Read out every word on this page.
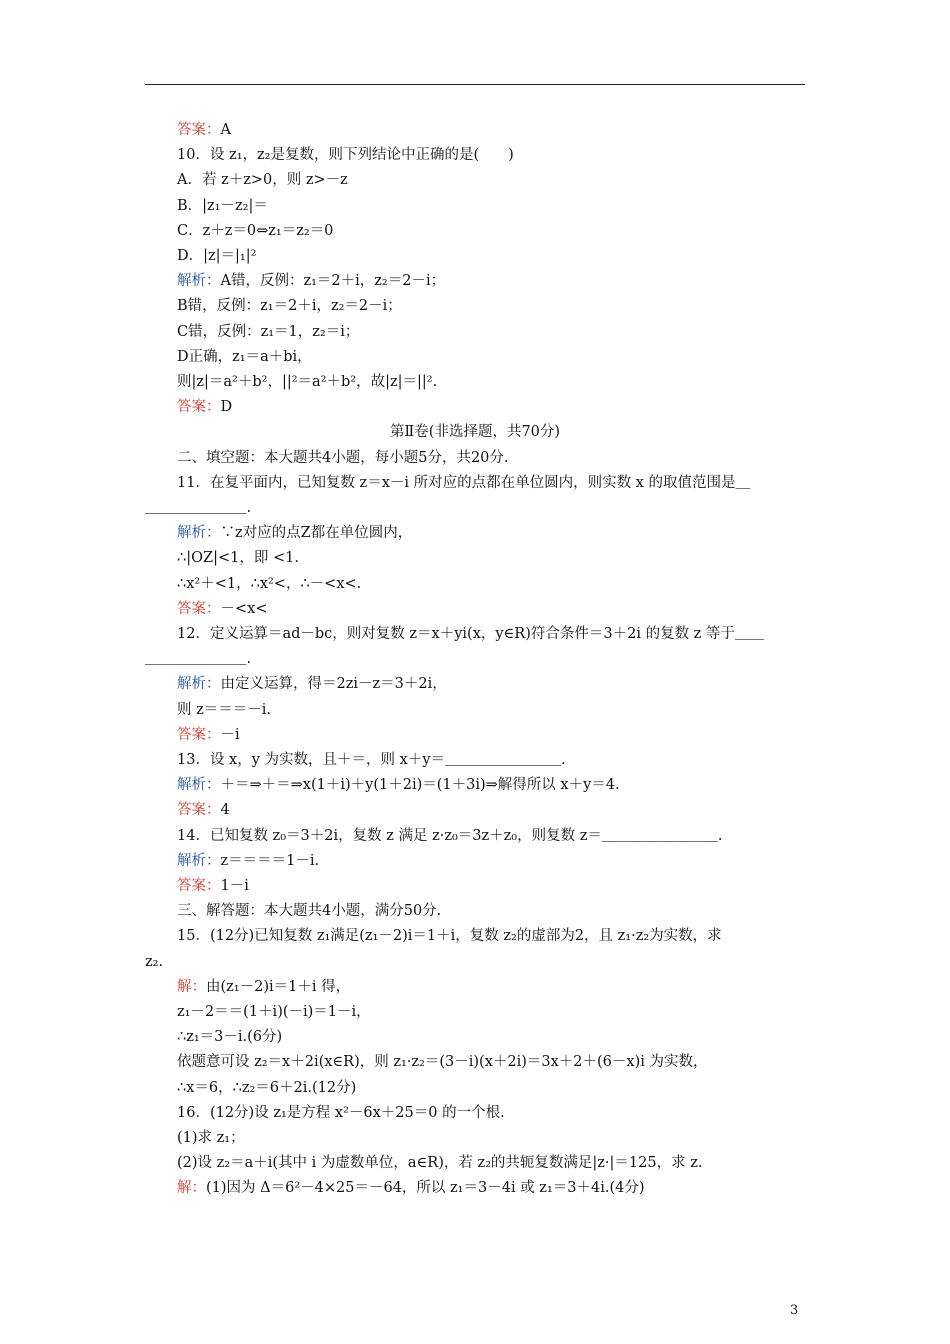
答案：A
10．设 z₁，z₂是复数，则下列结论中正确的是(　　)
A．若 z＋z>0，则 z>－z
B．|z₁－z₂|＝
C．z＋z＝0⇔z₁＝z₂＝0
D．|z|＝|₁|²
解析：A错，反例：z₁＝2＋i，z₂＝2－i；
B错，反例：z₁＝2＋i，z₂＝2－i；
C错，反例：z₁＝1，z₂＝i；
D正确，z₁＝a＋bi，
则|z|＝a²＋b²，||²＝a²＋b²，故|z|＝||².
答案：D
第Ⅱ卷(非选择题，共70分)
二、填空题：本大题共4小题，每小题5分，共20分.
11．在复平面内，已知复数 z＝x－i 所对应的点都在单位圆内，则实数 x 的取值范围是＿
＿＿＿＿＿＿＿.
解析：∵z对应的点Z都在单位圆内，
∴|OZ|<1，即 <1.
∴x²＋<1，∴x²<，∴－<x<.
答案：－<x<
12．定义运算＝ad－bc，则对复数 z＝x＋yi(x，y∈R)符合条件＝3＋2i 的复数 z 等于＿＿
＿＿＿＿＿＿＿.
解析：由定义运算，得＝2zi－z＝3＋2i，
则 z＝＝＝－i.
答案：－i
13．设 x，y 为实数，且＋＝，则 x＋y＝＿＿＿＿＿＿＿＿.
解析：＋＝⇒＋＝⇒x(1＋i)＋y(1＋2i)＝(1＋3i)⇒解得所以 x＋y＝4.
答案：4
14．已知复数 z₀＝3＋2i，复数 z 满足 z·z₀＝3z＋z₀，则复数 z＝＿＿＿＿＿＿＿＿.
解析：z＝＝＝＝1－i.
答案：1－i
三、解答题：本大题共4小题，满分50分.
15．(12分)已知复数 z₁满足(z₁－2)i＝1＋i，复数 z₂的虚部为2，且 z₁·z₂为实数，求
z₂.
解：由(z₁－2)i＝1＋i 得，
z₁－2＝＝(1＋i)(－i)＝1－i，
∴z₁＝3－i.(6分)
依题意可设 z₂＝x＋2i(x∈R)，则 z₁·z₂＝(3－i)(x＋2i)＝3x＋2＋(6－x)i 为实数，
∴x＝6，∴z₂＝6＋2i.(12分)
16．(12分)设 z₁是方程 x²－6x＋25＝0 的一个根.
(1)求 z₁；
(2)设 z₂＝a＋i(其中 i 为虚数单位，a∈R)，若 z₂的共轭复数满足|z·|＝125，求 z.
解：(1)因为 Δ＝6²－4×25＝－64，所以 z₁＝3－4i 或 z₁＝3＋4i.(4分)
3
